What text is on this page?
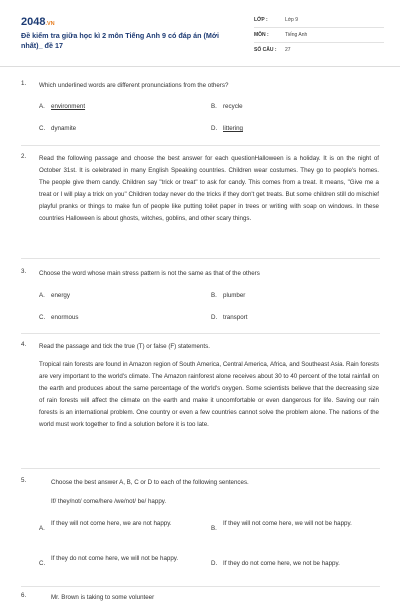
2048.VN
Đề kiểm tra giữa học kì 2 môn Tiếng Anh 9 có đáp án (Mới nhất)_ đề 17
LỚP :	Lớp 9
MÔN :	Tiếng Anh
SỐ CÂU : 27
1. Which underlined words are different pronunciations from the others?
A. environment	B. recycle
C. dynamite	D. littering
2. Read the following passage and choose the best answer for each questionHalloween is a holiday. It is on the night of October 31st. It is celebrated in many English Speaking countries. Children wear costumes. They go to people's homes. The people give them candy. Children say "trick or treat" to ask for candy. This comes from a treat. It means, "Give me a treat or I will play a trick on you" Children today never do the tricks if they don't get treats. But some children still do mischief playful pranks or things to make fun of people like putting toilet paper in trees or writing with soap on windows. In these countries Halloween is about ghosts, witches, goblins, and other scary things.
3. Choose the word whose main stress pattern is not the same as that of the others
A. energy	B. plumber
C. enormous	D. transport
4. Read the passage and tick the true (T) or false (F) statements.
Tropical rain forests are found in Amazon region of South America, Central America, Africa, and Southeast Asia. Rain forests are very important to the world's climate. The Amazon rainforest alone receives about 30 to 40 percent of the total rainfall on the earth and produces about the same percentage of the world's oxygen. Some scientists believe that the decreasing size of rain forests will affect the climate on the earth and make it uncomfortable or even dangerous for life. Saving our rain forests is an international problem. One country or even a few countries cannot solve the problem alone. The nations of the world must work together to find a solution before it is too late.
5.	Choose the best answer A, B, C or D to each of the following sentences.
If/ they/not/ come/here /we/not/ be/ happy.
A.
If they will not come here, we are not happy.
B.
If they will not come here, we will not be happy.
C.
If they do not come here, we will not be happy.
D. If they do not come here, we not be happy.
6.	Mr. Brown is taking to some volunteer
